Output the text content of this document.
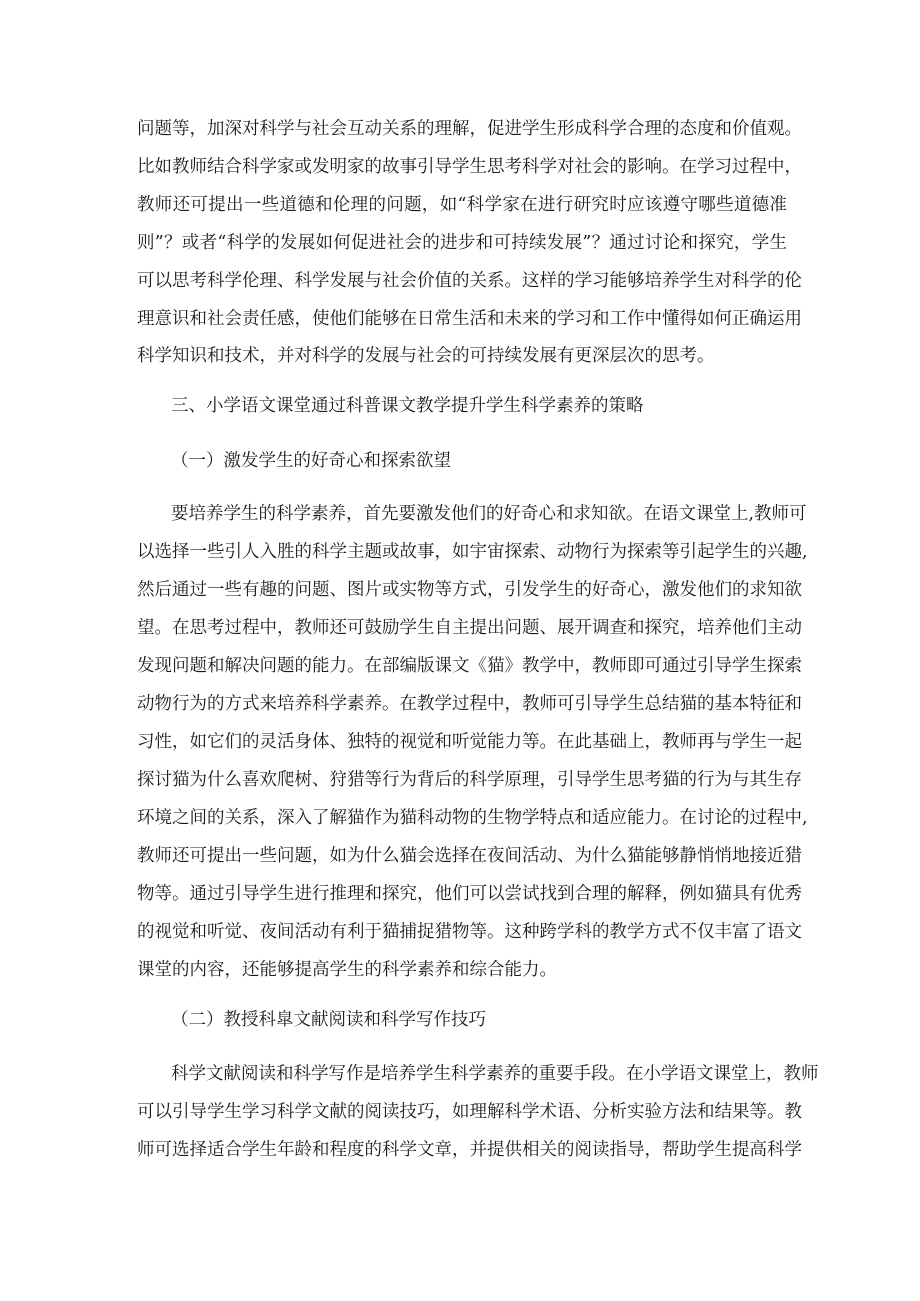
问题等，加深对科学与社会互动关系的理解，促进学生形成科学合理的态度和价值观。
比如教师结合科学家或发明家的故事引导学生思考科学对社会的影响。在学习过程中，
教师还可提出一些道德和伦理的问题，如“科学家在进行研究时应该遵守哪些道德准
则”？或者“科学的发展如何促进社会的进步和可持续发展”？通过讨论和探究，学生
可以思考科学伦理、科学发展与社会价值的关系。这样的学习能够培养学生对科学的伦
理意识和社会责任感，使他们能够在日常生活和未来的学习和工作中懂得如何正确运用
科学知识和技术，并对科学的发展与社会的可持续发展有更深层次的思考。
三、小学语文课堂通过科普课文教学提升学生科学素养的策略
（一）激发学生的好奇心和探索欲望
要培养学生的科学素养，首先要激发他们的好奇心和求知欲。在语文课堂上,教师可
以选择一些引人入胜的科学主题或故事，如宇宙探索、动物行为探索等引起学生的兴趣,
然后通过一些有趣的问题、图片或实物等方式，引发学生的好奇心，激发他们的求知欲
望。在思考过程中，教师还可鼓励学生自主提出问题、展开调查和探究，培养他们主动
发现问题和解决问题的能力。在部编版课文《猫》教学中，教师即可通过引导学生探索
动物行为的方式来培养科学素养。在教学过程中，教师可引导学生总结猫的基本特征和
习性，如它们的灵活身体、独特的视觉和听觉能力等。在此基础上，教师再与学生一起
探讨猫为什么喜欢爬树、狩猎等行为背后的科学原理，引导学生思考猫的行为与其生存
环境之间的关系，深入了解猫作为猫科动物的生物学特点和适应能力。在讨论的过程中,
教师还可提出一些问题，如为什么猫会选择在夜间活动、为什么猫能够静悄悄地接近猎
物等。通过引导学生进行推理和探究，他们可以尝试找到合理的解释，例如猫具有优秀
的视觉和听觉、夜间活动有利于猫捕捉猎物等。这种跨学科的教学方式不仅丰富了语文
课堂的内容，还能够提高学生的科学素养和综合能力。
（二）教授科皐文献阅读和科学写作技巧
科学文献阅读和科学写作是培养学生科学素养的重要手段。在小学语文课堂上，教师
可以引导学生学习科学文献的阅读技巧，如理解科学术语、分析实验方法和结果等。教
师可选择适合学生年龄和程度的科学文章，并提供相关的阅读指导，帮助学生提高科学
